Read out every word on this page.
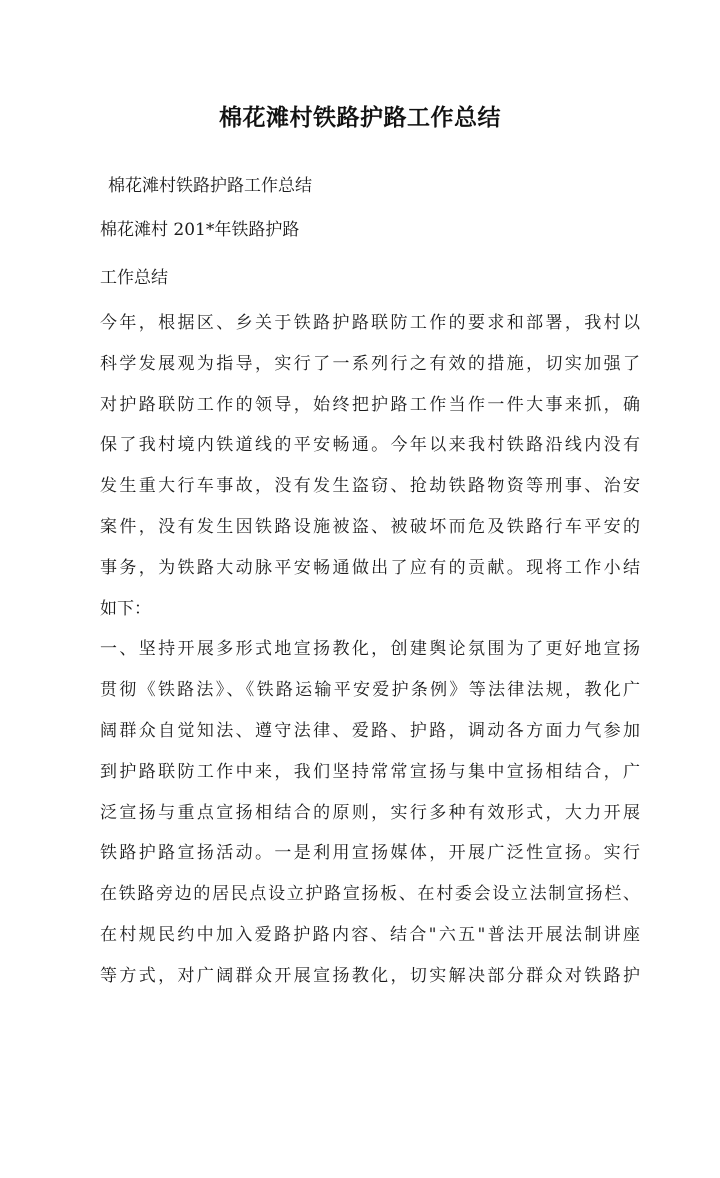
棉花滩村铁路护路工作总结
棉花滩村铁路护路工作总结
棉花滩村 201*年铁路护路
工作总结
今年，根据区、乡关于铁路护路联防工作的要求和部署，我村以
科学发展观为指导，实行了一系列行之有效的措施，切实加强了
对护路联防工作的领导，始终把护路工作当作一件大事来抓，确
保了我村境内铁道线的平安畅通。今年以来我村铁路沿线内没有
发生重大行车事故，没有发生盗窃、抢劫铁路物资等刑事、治安
案件，没有发生因铁路设施被盗、被破坏而危及铁路行车平安的
事务，为铁路大动脉平安畅通做出了应有的贡献。现将工作小结
如下：
一、坚持开展多形式地宣扬教化，创建舆论氛围为了更好地宣扬
贯彻《铁路法》、《铁路运输平安爱护条例》等法律法规，教化广
阔群众自觉知法、遵守法律、爱路、护路，调动各方面力气参加
到护路联防工作中来，我们坚持常常宣扬与集中宣扬相结合，广
泛宣扬与重点宣扬相结合的原则，实行多种有效形式，大力开展
铁路护路宣扬活动。一是利用宣扬媒体，开展广泛性宣扬。实行
在铁路旁边的居民点设立护路宣扬板、在村委会设立法制宣扬栏、
在村规民约中加入爱路护路内容、结合"六五"普法开展法制讲座
等方式，对广阔群众开展宣扬教化，切实解决部分群众对铁路护
